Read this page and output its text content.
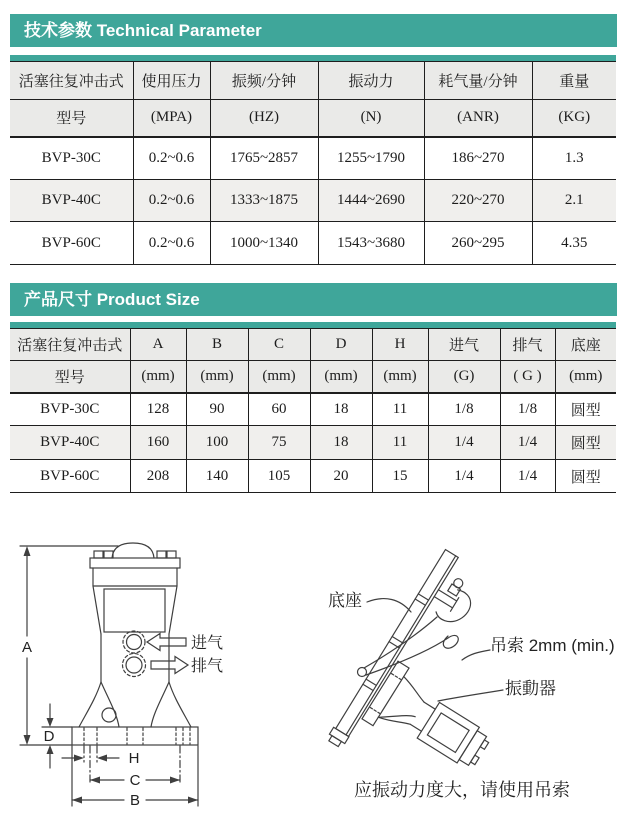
技术参数 Technical Parameter
活塞往复冲击式	使用压力	振频/分钟	振动力	耗气量/分钟	重量
型号	(MPA)	(HZ)	(N)	(ANR)	(KG)
BVP-30C	0.2~0.6	1765~2857	1255~1790	186~270	1.3
BVP-40C	0.2~0.6	1333~1875	1444~2690	220~270	2.1
BVP-60C	0.2~0.6	1000~1340	1543~3680	260~295	4.35
产品尺寸 Product Size
活塞往复冲击式	A	B	C	D	H	进气	排气	底座
型号	(mm)	(mm)	(mm)	(mm)	(mm)	(G)	( G )	(mm)
BVP-30C	128	90	60	18	11	1/8	1/8	圆型
BVP-40C	160	100	75	18	11	1/4	1/4	圆型
BVP-60C	208	140	105	20	15	1/4	1/4	圆型
A
D
H
C
B
进气
排气
底座
吊索 2mm (min.)
振動器
应振动力度大，请使用吊索
